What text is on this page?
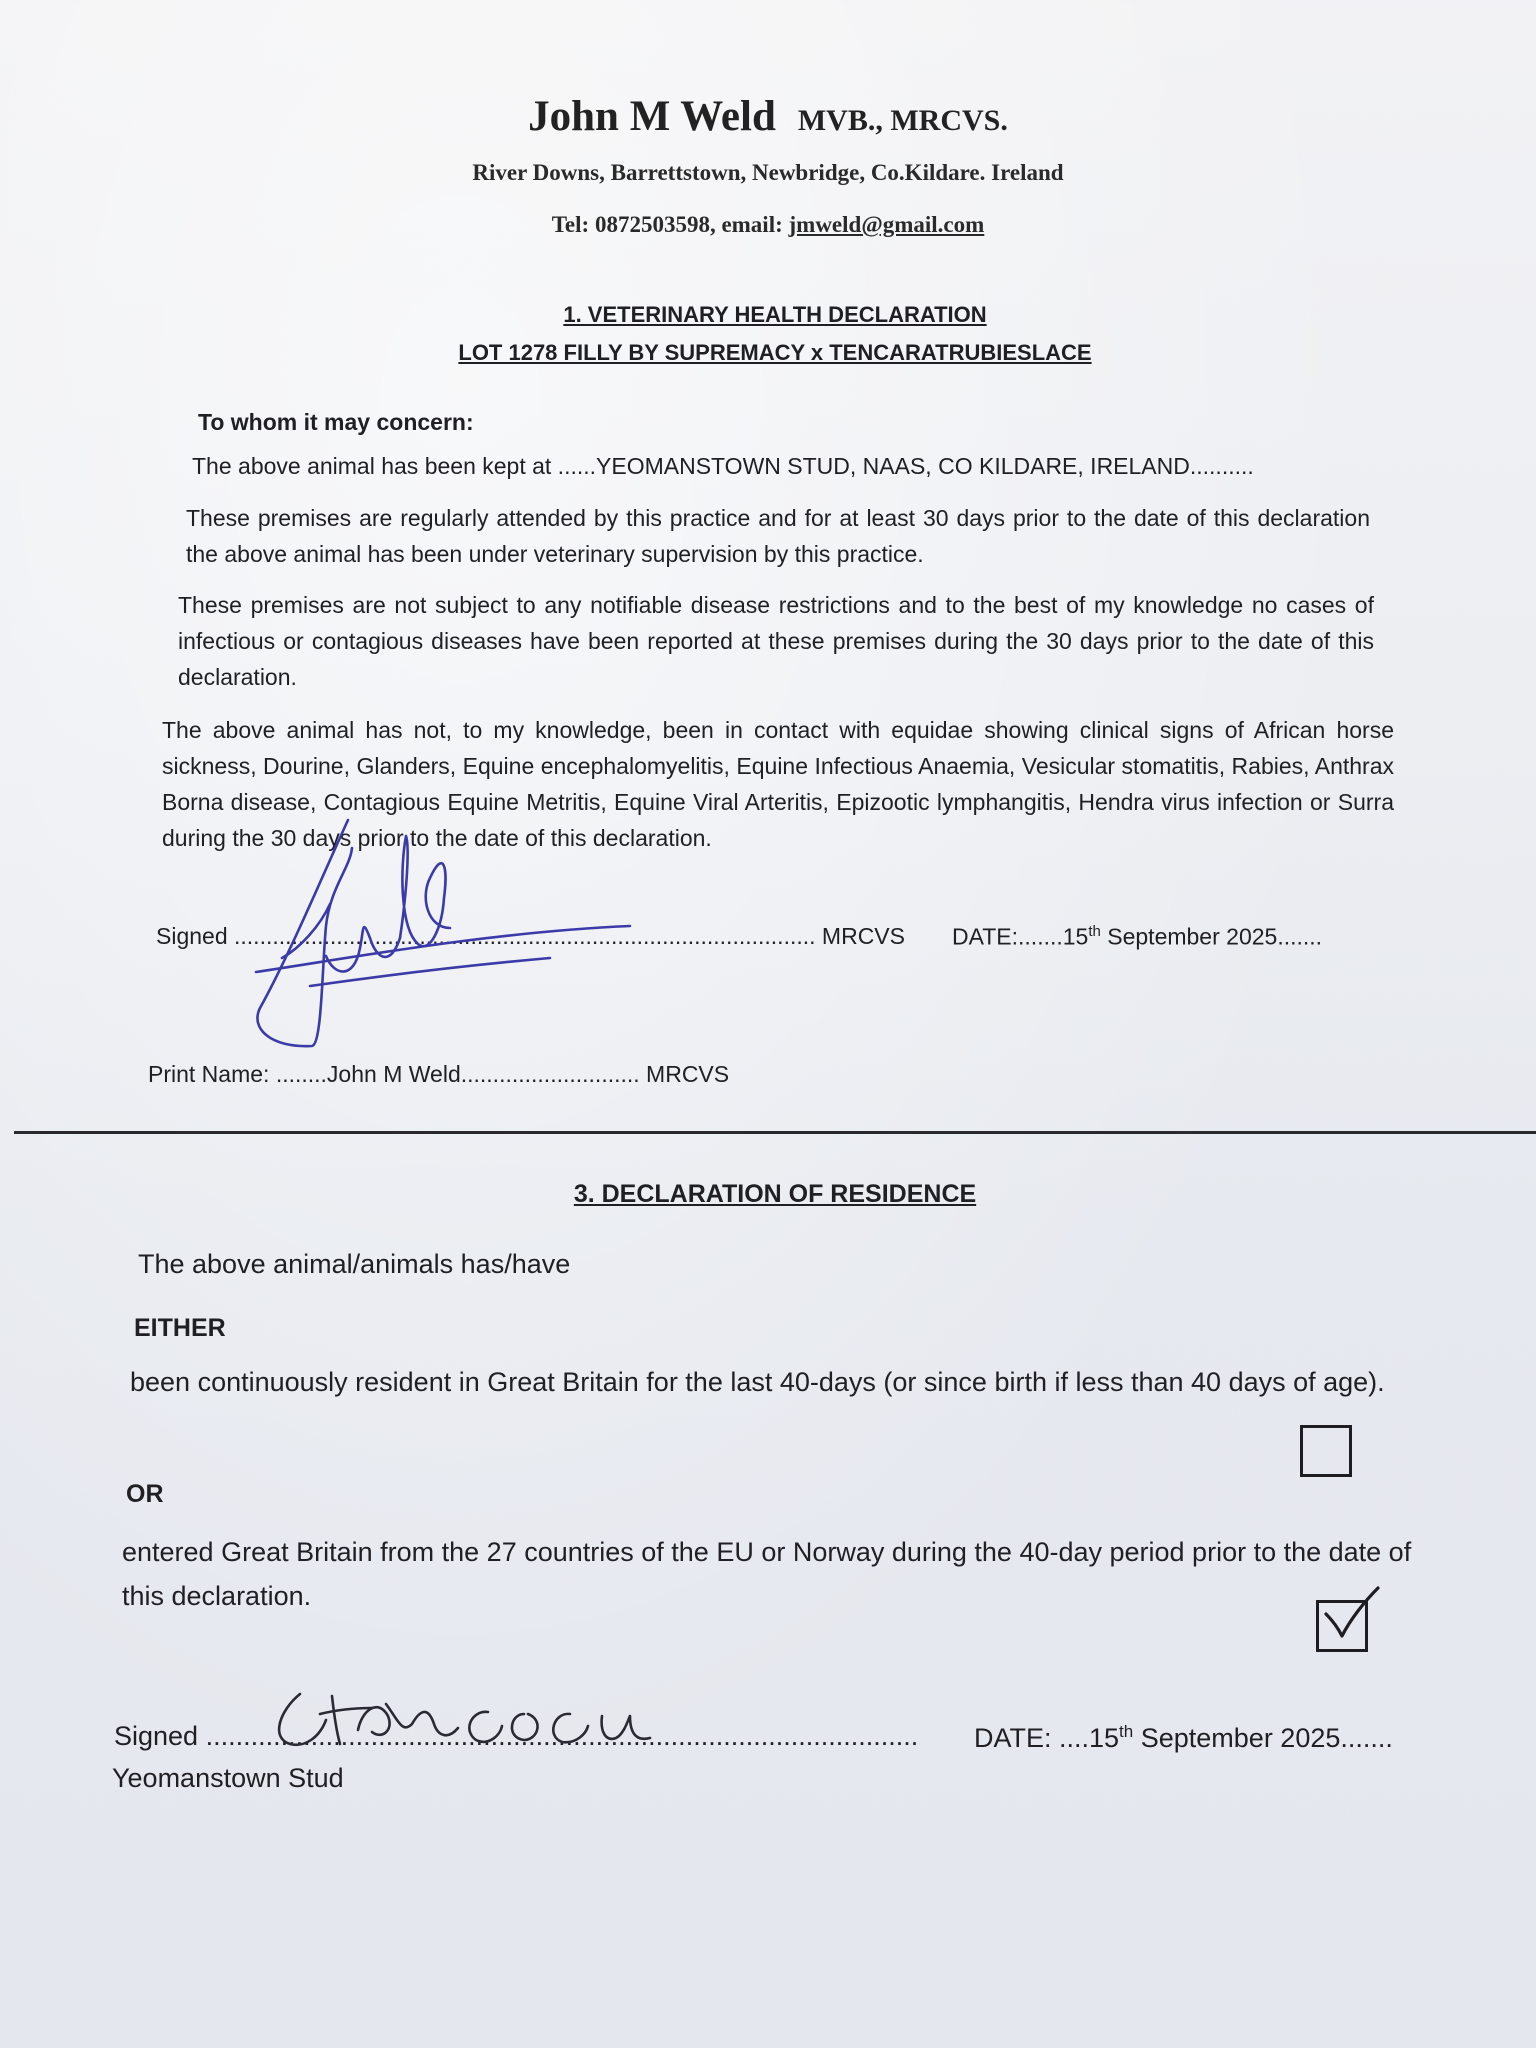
John M Weld MVB., MRCVS.
River Downs, Barrettstown, Newbridge, Co.Kildare. Ireland
Tel: 0872503598, email: jmweld@gmail.com
1. VETERINARY HEALTH DECLARATION
LOT 1278 FILLY BY SUPREMACY x TENCARATRUBIESLACE
To whom it may concern:
The above animal has been kept at ......YEOMANSTOWN STUD, NAAS, CO KILDARE, IRELAND..........
These premises are regularly attended by this practice and for at least 30 days prior to the date of this declaration the above animal has been under veterinary supervision by this practice.
These premises are not subject to any notifiable disease restrictions and to the best of my knowledge no cases of infectious or contagious diseases have been reported at these premises during the 30 days prior to the date of this declaration.
The above animal has not, to my knowledge, been in contact with equidae showing clinical signs of African horse sickness, Dourine, Glanders, Equine encephalomyelitis, Equine Infectious Anaemia, Vesicular stomatitis, Rabies, Anthrax Borna disease, Contagious Equine Metritis, Equine Viral Arteritis, Epizootic lymphangitis, Hendra virus infection or Surra during the 30 days prior to the date of this declaration.
Signed ........................................................................................... MRCVS DATE:.......15th September 2025.......
Print Name: ........John M Weld............................ MRCVS
3. DECLARATION OF RESIDENCE
The above animal/animals has/have
EITHER
been continuously resident in Great Britain for the last 40-days (or since birth if less than 40 days of age).
OR
entered Great Britain from the 27 countries of the EU or Norway during the 40-day period prior to the date of this declaration.
Signed ............................................................................................... DATE: ....15th September 2025.......
Yeomanstown Stud
